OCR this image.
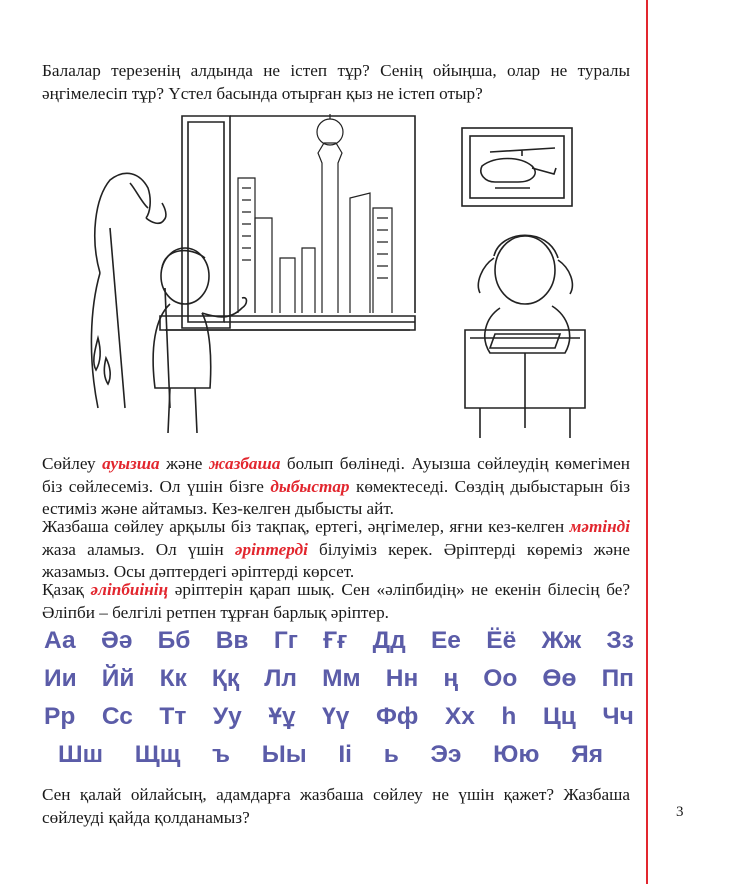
Балалар терезенің алдында не істеп тұр? Сенің ойыңша, олар не туралы әңгімелесіп тұр? Үстел басында отырған қыз не істеп отыр?

Сөйлеу ауызша және жазбаша болып бөлінеді. Ауызша сөйлеудің көмегімен біз сөйлесеміз. Ол үшін бізге дыбыстар көмектеседі. Сөздің дыбыстарын біз естиміз және айтамыз. Кез-келген дыбысты айт.

Жазбаша сөйлеу арқылы біз тақпақ, ертегі, әңгімелер, яғни кез-келген мәтінді жаза аламыз. Ол үшін әріптерді білуіміз керек. Әріптерді көреміз және жазамыз. Осы дәптердегі әріптерді көрсет.

Қазақ әліпбиінің әріптерін қарап шық. Сен «әліпбидің» не екенін білесің бе? Әліпби – белгілі ретпен тұрған барлық әріптер.

Аа Әә Бб Вв Гг Ғғ Дд Ее Ёё Жж Зз
Ии Йй Кк Ққ Лл Мм Нн ң Оо Өө Пп
Рр Сс Тт Уу Ұұ Үү Фф Хх һ Цц Чч
Шш Щщ ъ Ыы Іі ь Ээ Юю Яя

Сен қалай ойлайсың, адамдарға жазбаша сөйлеу не үшін қажет? Жазбаша сөйлеуді қайда қолданамыз?	3
